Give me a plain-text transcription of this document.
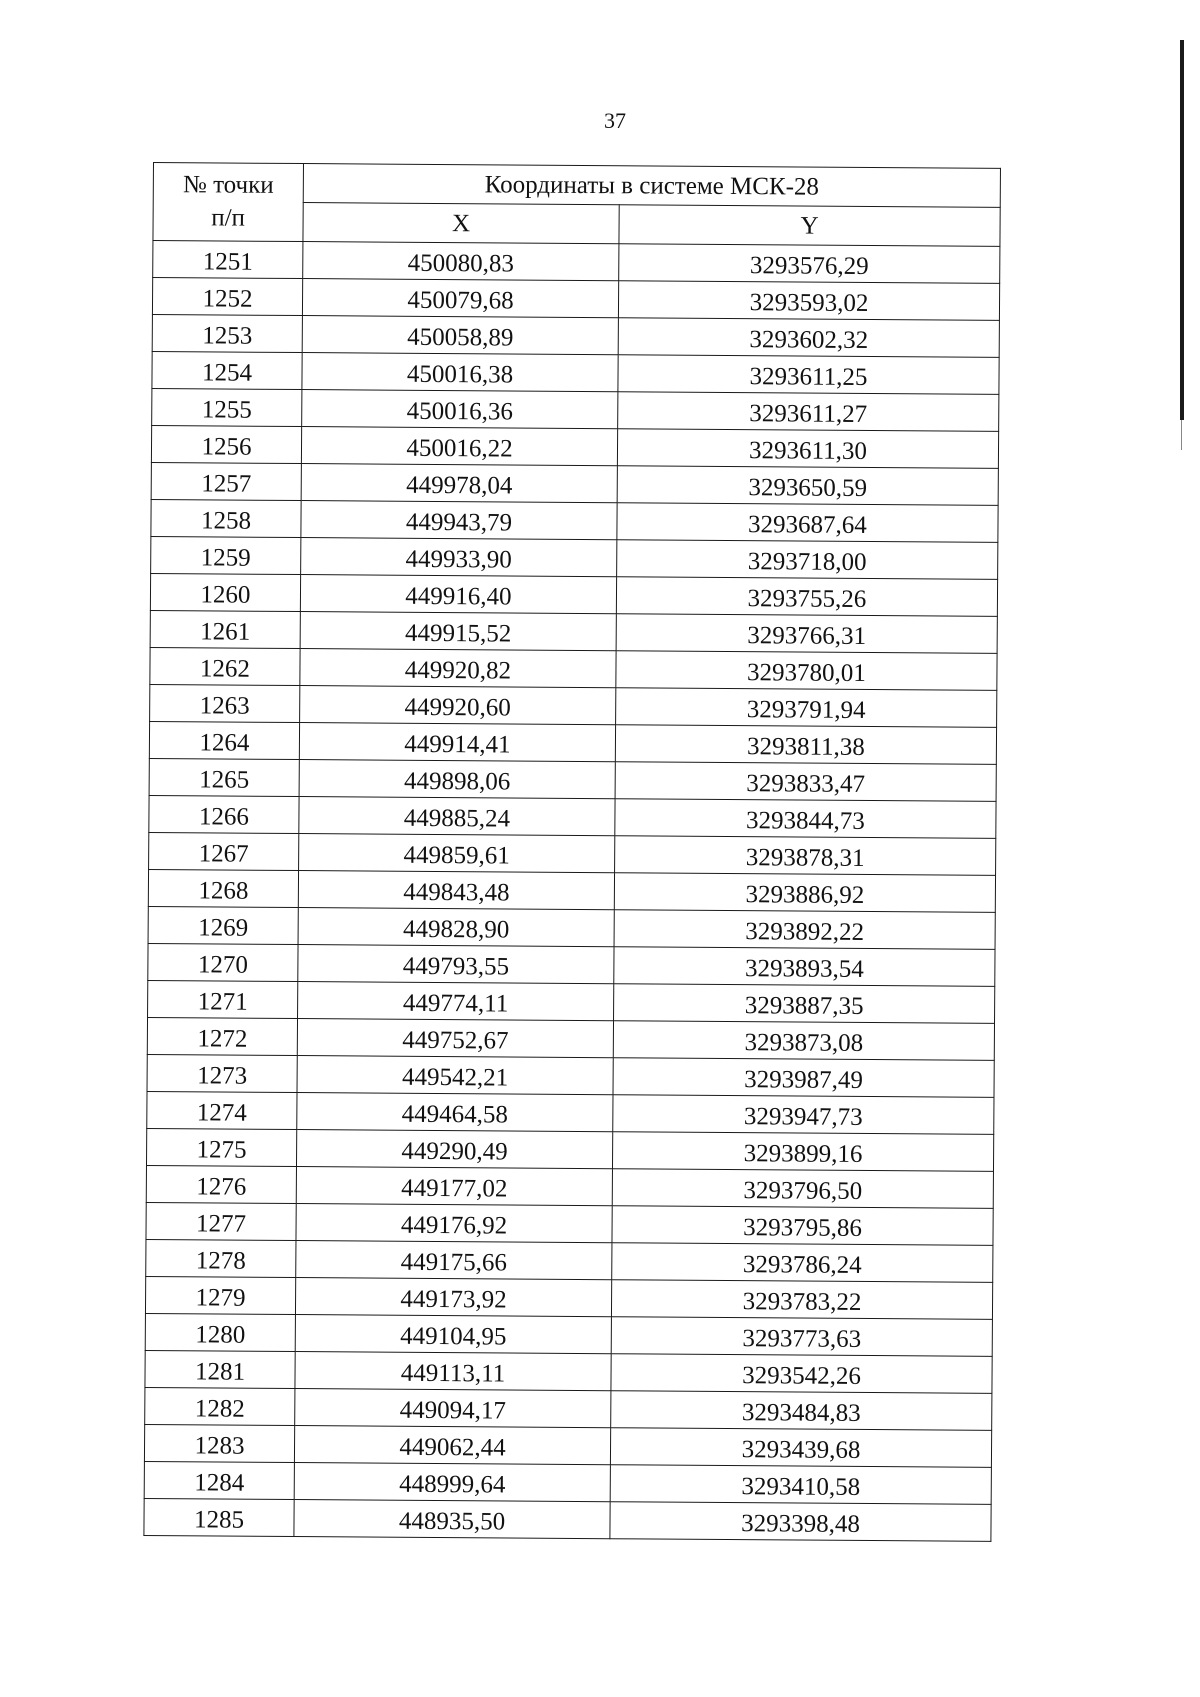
37
№ точки
п/п	Координаты в системе МСК-28	
	X	Y
1251	450080,83	3293576,29
1252	450079,68	3293593,02
1253	450058,89	3293602,32
1254	450016,38	3293611,25
1255	450016,36	3293611,27
1256	450016,22	3293611,30
1257	449978,04	3293650,59
1258	449943,79	3293687,64
1259	449933,90	3293718,00
1260	449916,40	3293755,26
1261	449915,52	3293766,31
1262	449920,82	3293780,01
1263	449920,60	3293791,94
1264	449914,41	3293811,38
1265	449898,06	3293833,47
1266	449885,24	3293844,73
1267	449859,61	3293878,31
1268	449843,48	3293886,92
1269	449828,90	3293892,22
1270	449793,55	3293893,54
1271	449774,11	3293887,35
1272	449752,67	3293873,08
1273	449542,21	3293987,49
1274	449464,58	3293947,73
1275	449290,49	3293899,16
1276	449177,02	3293796,50
1277	449176,92	3293795,86
1278	449175,66	3293786,24
1279	449173,92	3293783,22
1280	449104,95	3293773,63
1281	449113,11	3293542,26
1282	449094,17	3293484,83
1283	449062,44	3293439,68
1284	448999,64	3293410,58
1285	448935,50	3293398,48
